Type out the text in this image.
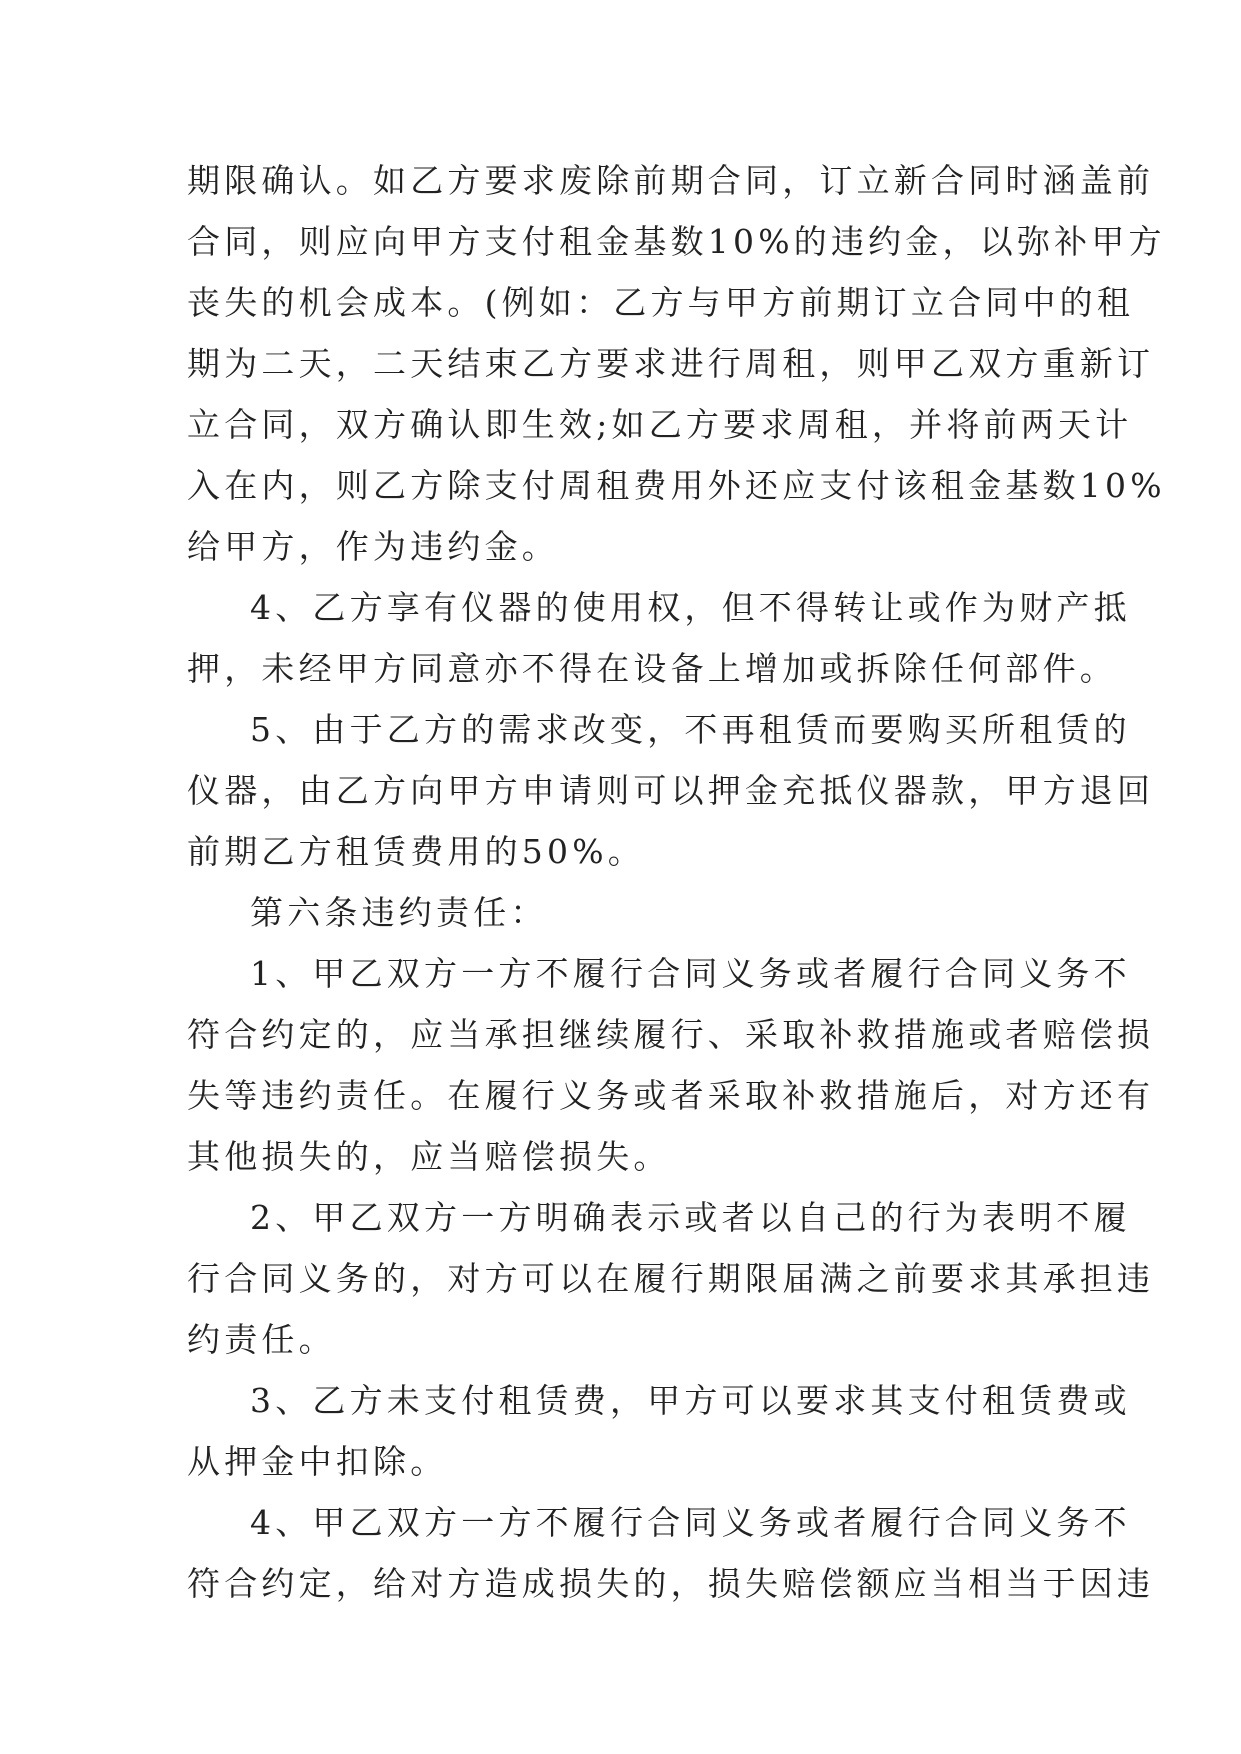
期限确认。如乙方要求废除前期合同，订立新合同时涵盖前
合同，则应向甲方支付租金基数10%的违约金，以弥补甲方
丧失的机会成本。(例如：乙方与甲方前期订立合同中的租
期为二天，二天结束乙方要求进行周租，则甲乙双方重新订
立合同，双方确认即生效;如乙方要求周租，并将前两天计
入在内，则乙方除支付周租费用外还应支付该租金基数10%
给甲方，作为违约金。
4、乙方享有仪器的使用权，但不得转让或作为财产抵
押，未经甲方同意亦不得在设备上增加或拆除任何部件。
5、由于乙方的需求改变，不再租赁而要购买所租赁的
仪器，由乙方向甲方申请则可以押金充抵仪器款，甲方退回
前期乙方租赁费用的50%。
第六条违约责任：
1、甲乙双方一方不履行合同义务或者履行合同义务不
符合约定的，应当承担继续履行、采取补救措施或者赔偿损
失等违约责任。在履行义务或者采取补救措施后，对方还有
其他损失的，应当赔偿损失。
2、甲乙双方一方明确表示或者以自己的行为表明不履
行合同义务的，对方可以在履行期限届满之前要求其承担违
约责任。
3、乙方未支付租赁费，甲方可以要求其支付租赁费或
从押金中扣除。
4、甲乙双方一方不履行合同义务或者履行合同义务不
符合约定，给对方造成损失的，损失赔偿额应当相当于因违
